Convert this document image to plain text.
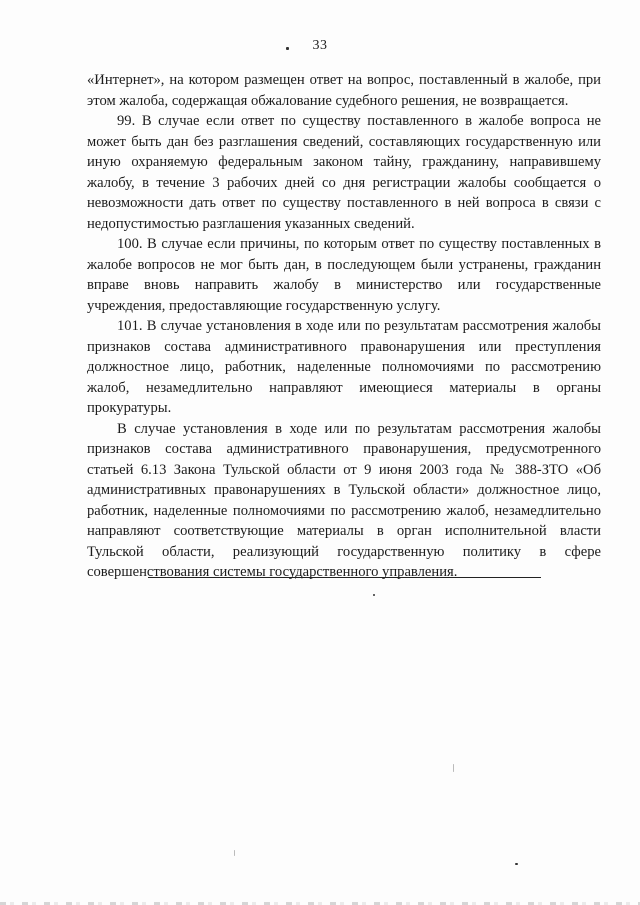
33

«Интернет», на котором размещен ответ на вопрос, поставленный в жалобе, при этом жалоба, содержащая обжалование судебного решения, не возвращается.

99. В случае если ответ по существу поставленного в жалобе вопроса не может быть дан без разглашения сведений, составляющих государственную или иную охраняемую федеральным законом тайну, гражданину, направившему жалобу, в течение 3 рабочих дней со дня регистрации жалобы сообщается о невозможности дать ответ по существу поставленного в ней вопроса в связи с недопустимостью разглашения указанных сведений.

100. В случае если причины, по которым ответ по существу поставленных в жалобе вопросов не мог быть дан, в последующем были устранены, гражданин вправе вновь направить жалобу в министерство или государственные учреждения, предоставляющие государственную услугу.

101. В случае установления в ходе или по результатам рассмотрения жалобы признаков состава административного правонарушения или преступления должностное лицо, работник, наделенные полномочиями по рассмотрению жалоб, незамедлительно направляют имеющиеся материалы в органы прокуратуры.

В случае установления в ходе или по результатам рассмотрения жалобы признаков состава административного правонарушения, предусмотренного статьей 6.13 Закона Тульской области от 9 июня 2003 года № 388-ЗТО «Об административных правонарушениях в Тульской области» должностное лицо, работник, наделенные полномочиями по рассмотрению жалоб, незамедлительно направляют соответствующие материалы в орган исполнительной власти Тульской области, реализующий государственную политику в сфере совершенствования системы государственного управления.
